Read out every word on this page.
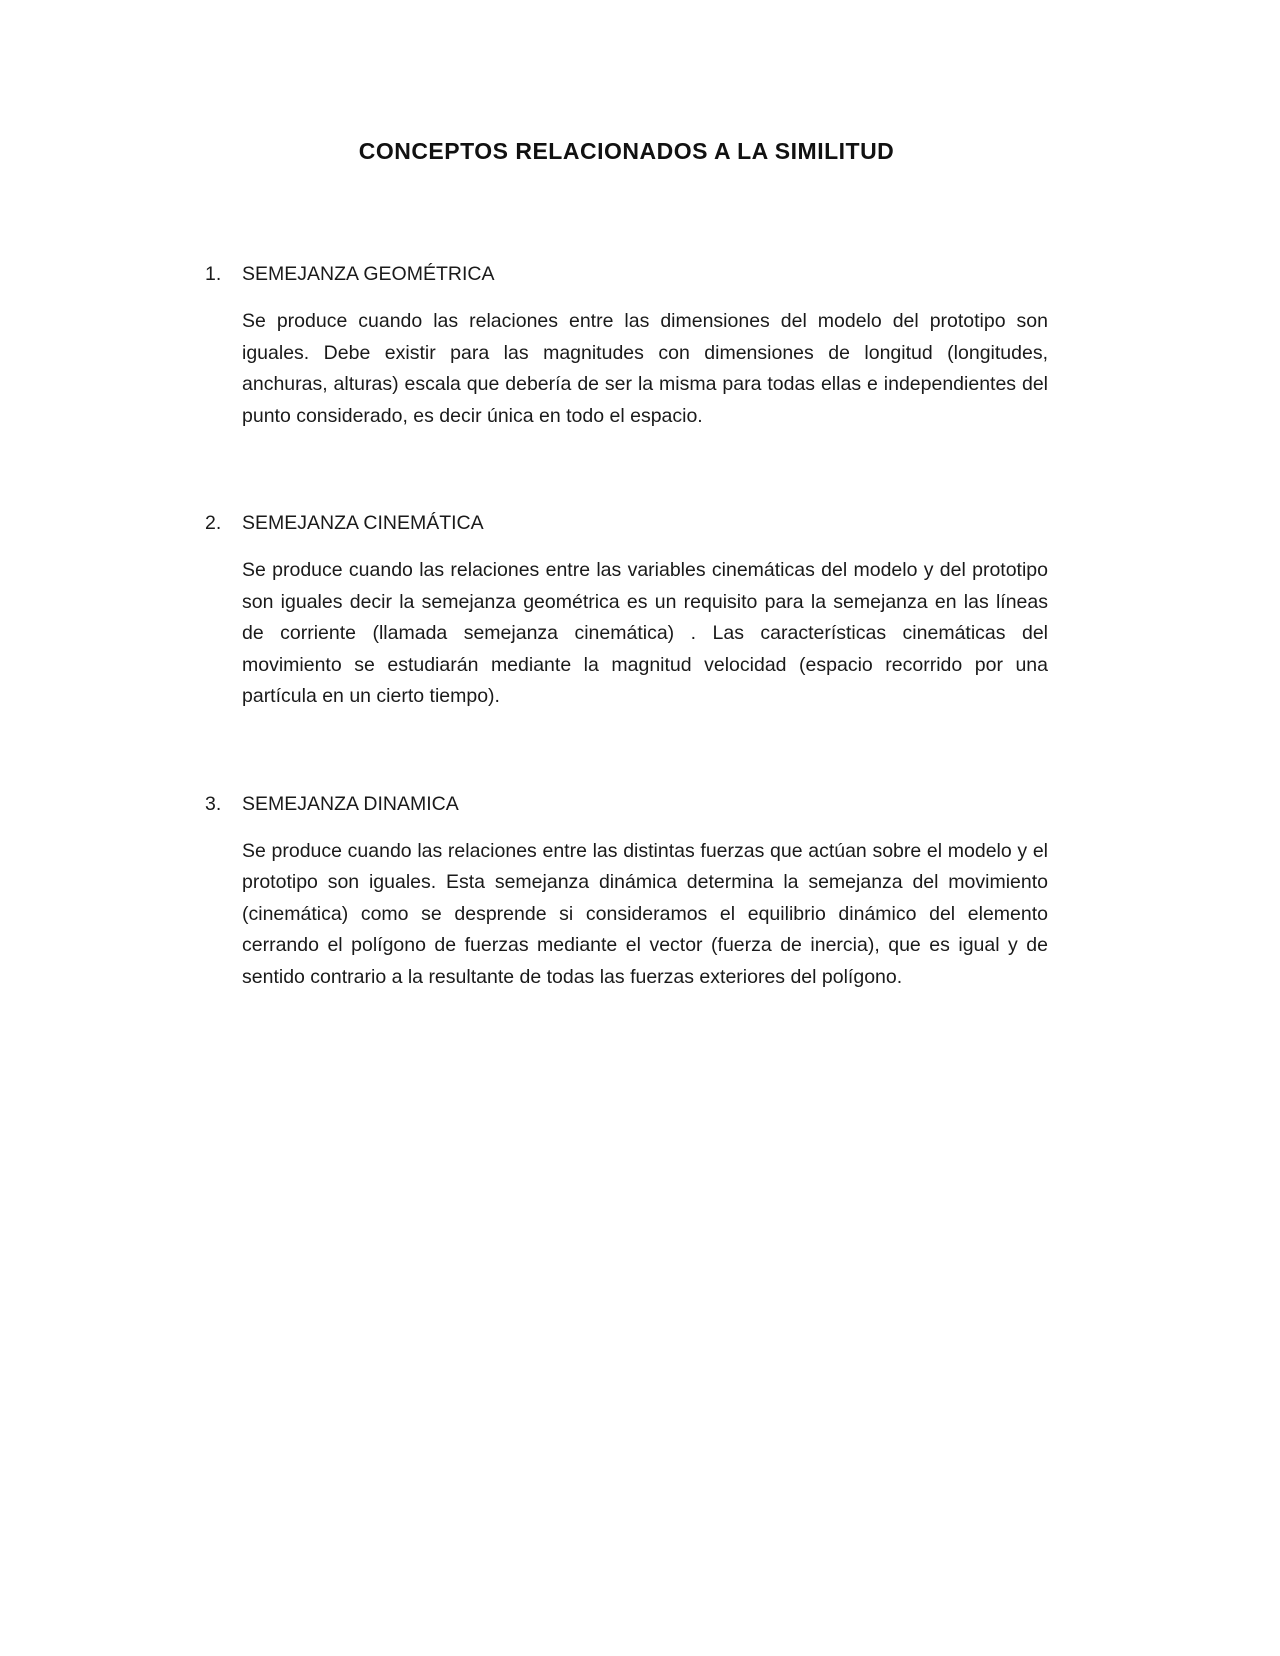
CONCEPTOS RELACIONADOS A LA SIMILITUD
1.	SEMEJANZA GEOMÉTRICA

Se produce cuando las relaciones entre las dimensiones del modelo del prototipo son iguales. Debe existir para las magnitudes con dimensiones de longitud (longitudes, anchuras, alturas) escala que debería de ser la misma para todas ellas e independientes del punto considerado, es decir única en todo el espacio.

2.	SEMEJANZA CINEMÁTICA

Se produce cuando las relaciones entre las variables cinemáticas del modelo y del prototipo son iguales decir la semejanza geométrica es un requisito para la semejanza en las líneas de corriente (llamada semejanza cinemática) . Las características cinemáticas del movimiento se estudiarán mediante la magnitud velocidad (espacio recorrido por una partícula en un cierto tiempo).

3.	SEMEJANZA DINAMICA

Se produce cuando las relaciones entre las distintas fuerzas que actúan sobre el modelo y el prototipo son iguales. Esta semejanza dinámica determina la semejanza del movimiento (cinemática) como se desprende si consideramos el equilibrio dinámico del elemento cerrando el polígono de fuerzas mediante el vector (fuerza de inercia), que es igual y de sentido contrario a la resultante de todas las fuerzas exteriores del polígono.
